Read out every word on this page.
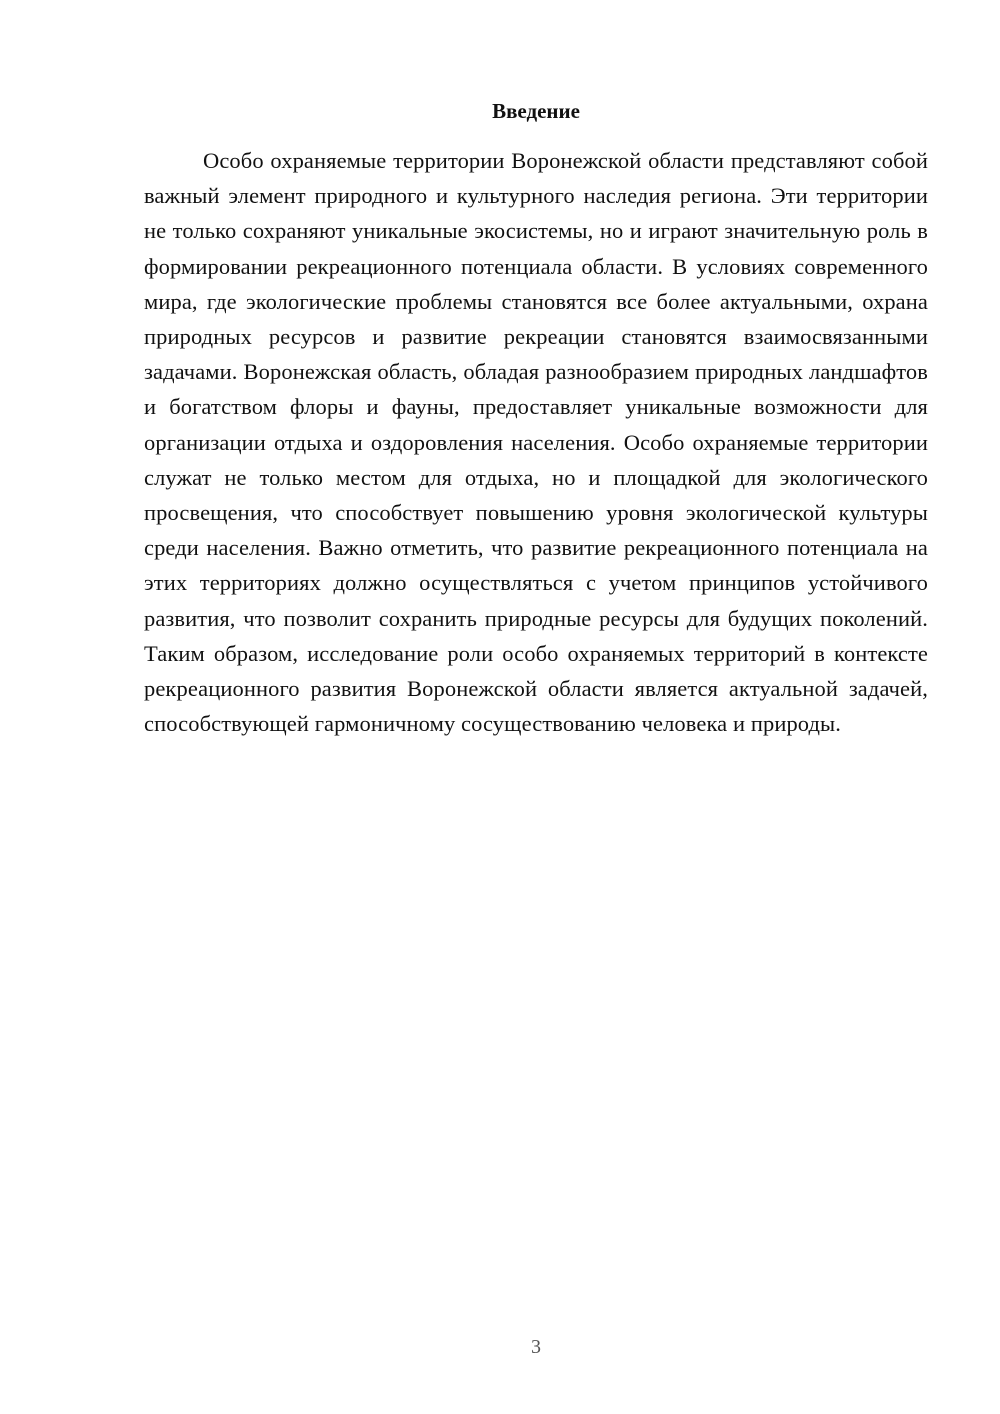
Введение

Особо охраняемые территории Воронежской области представляют собой важный элемент природного и культурного наследия региона. Эти территории не только сохраняют уникальные экосистемы, но и играют значительную роль в формировании рекреационного потенциала области. В условиях современного мира, где экологические проблемы становятся все более актуальными, охрана природных ресурсов и развитие рекреации становятся взаимосвязанными задачами. Воронежская область, обладая разнообразием природных ландшафтов и богатством флоры и фауны, предоставляет уникальные возможности для организации отдыха и оздоровления населения. Особо охраняемые территории служат не только местом для отдыха, но и площадкой для экологического просвещения, что способствует повышению уровня экологической культуры среди населения. Важно отметить, что развитие рекреационного потенциала на этих территориях должно осуществляться с учетом принципов устойчивого развития, что позволит сохранить природные ресурсы для будущих поколений. Таким образом, исследование роли особо охраняемых территорий в контексте рекреационного развития Воронежской области является актуальной задачей, способствующей гармоничному сосуществованию человека и природы.

3
